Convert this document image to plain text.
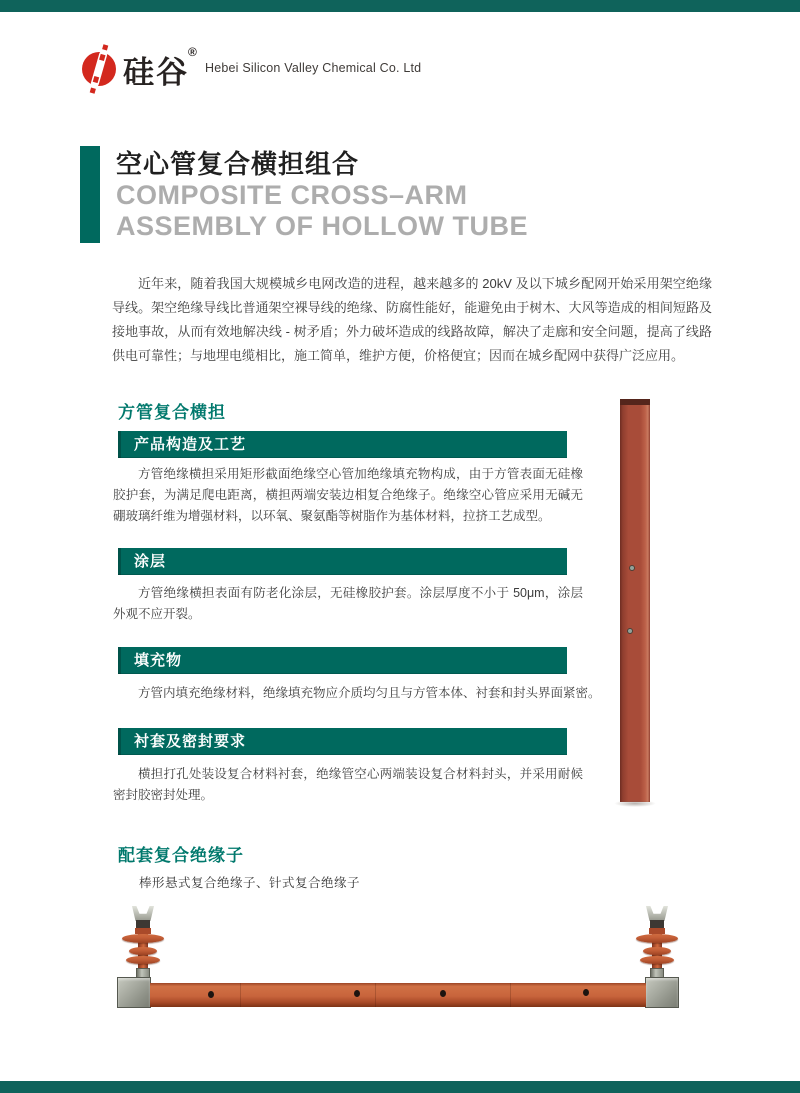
硅谷
®
Hebei Silicon Valley Chemical Co. Ltd
空心管复合横担组合
COMPOSITE CROSS–ARM
ASSEMBLY OF HOLLOW TUBE
近年来，随着我国大规模城乡电网改造的进程，越来越多的 20kV 及以下城乡配网开始采用架空绝缘导线。架空绝缘导线比普通架空裸导线的绝缘、防腐性能好，能避免由于树木、大风等造成的相间短路及接地事故，从而有效地解决线 - 树矛盾；外力破坏造成的线路故障，解决了走廊和安全问题，提高了线路供电可靠性；与地埋电缆相比，施工简单，维护方便，价格便宜；因而在城乡配网中获得广泛应用。
方管复合横担
产品构造及工艺
方管绝缘横担采用矩形截面绝缘空心管加绝缘填充物构成，由于方管表面无硅橡胶护套，为满足爬电距离，横担两端安装边相复合绝缘子。绝缘空心管应采用无碱无硼玻璃纤维为增强材料，以环氧、聚氨酯等树脂作为基体材料，拉挤工艺成型。
涂层
方管绝缘横担表面有防老化涂层，无硅橡胶护套。涂层厚度不小于 50μm，涂层外观不应开裂。
填充物
方管内填充绝缘材料，绝缘填充物应介质均匀且与方管本体、衬套和封头界面紧密。
衬套及密封要求
横担打孔处装设复合材料衬套，绝缘管空心两端装设复合材料封头，并采用耐候密封胶密封处理。
配套复合绝缘子
棒形悬式复合绝缘子、针式复合绝缘子
